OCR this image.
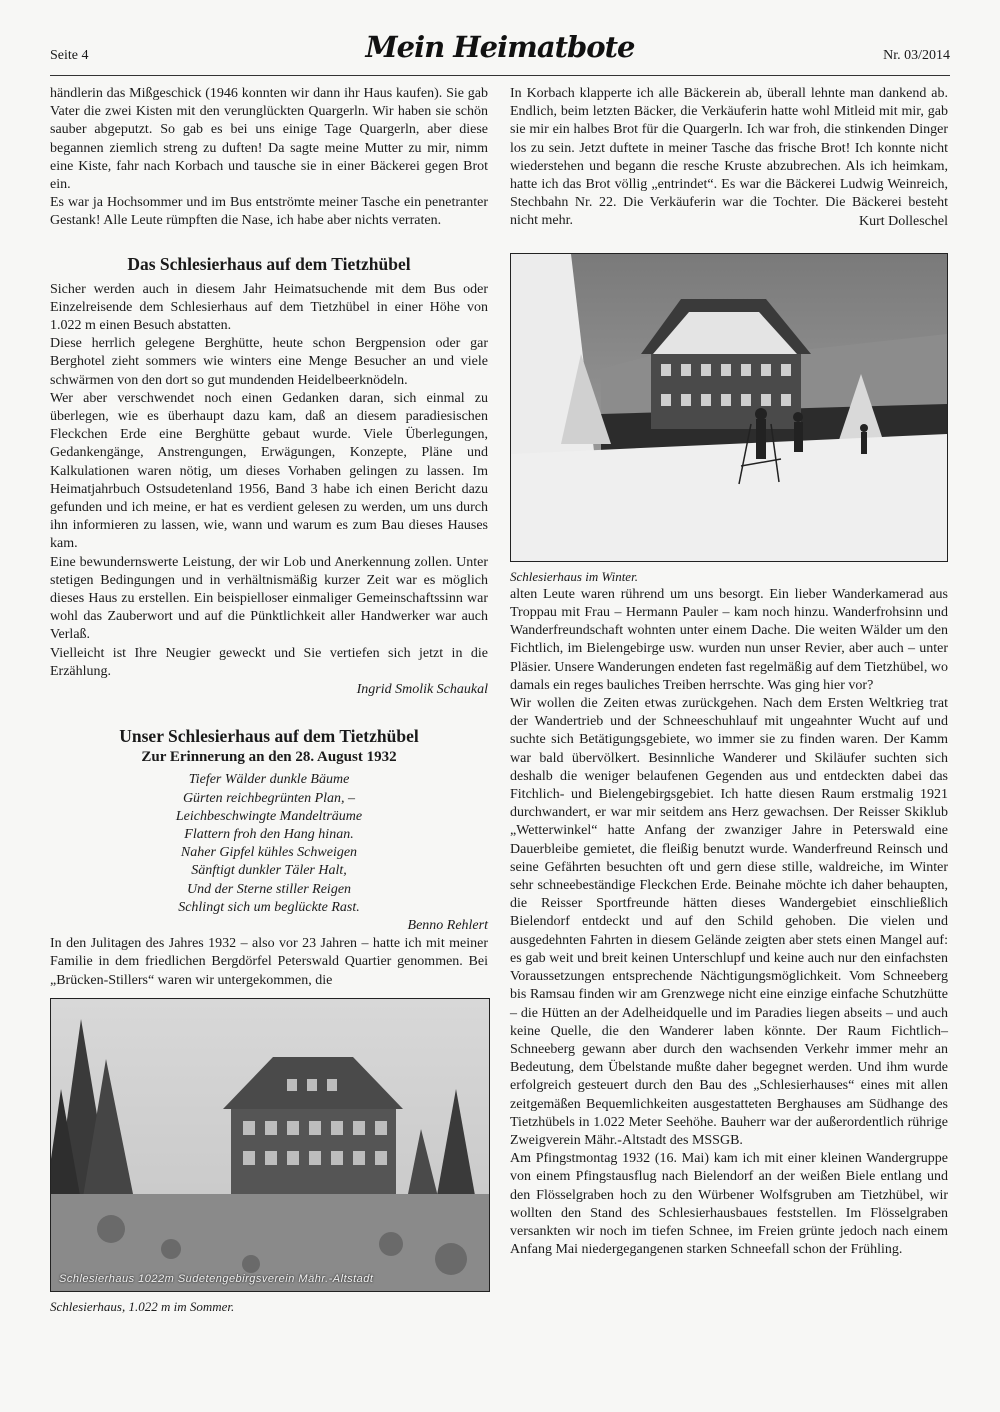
Seite 4	Mein Heimatbote	Nr. 03/2014

händlerin das Mißgeschick (1946 konnten wir dann ihr Haus kaufen). Sie gab Vater die zwei Kisten mit den verunglückten Quargerln. Wir haben sie schön sauber abgeputzt. So gab es bei uns einige Tage Quargerln, aber diese begannen ziemlich streng zu duften! Da sagte meine Mutter zu mir, nimm eine Kiste, fahr nach Korbach und tausche sie in einer Bäckerei gegen Brot ein.

Es war ja Hochsommer und im Bus entströmte meiner Tasche ein penetranter Gestank! Alle Leute rümpften die Nase, ich habe aber nichts verraten.

Das Schlesierhaus auf dem Tietzhübel

Sicher werden auch in diesem Jahr Heimatsuchende mit dem Bus oder Einzelreisende dem Schlesierhaus auf dem Tietzhübel in einer Höhe von 1.022 m einen Besuch abstatten.

Diese herrlich gelegene Berghütte, heute schon Bergpension oder gar Berghotel zieht sommers wie winters eine Menge Besucher an und viele schwärmen von den dort so gut mundenden Heidelbeerknödeln.

Wer aber verschwendet noch einen Gedanken daran, sich einmal zu überlegen, wie es überhaupt dazu kam, daß an diesem paradiesischen Fleckchen Erde eine Berghütte gebaut wurde. Viele Überlegungen, Gedankengänge, Anstrengungen, Erwägungen, Konzepte, Pläne und Kalkulationen waren nötig, um dieses Vorhaben gelingen zu lassen. Im Heimatjahrbuch Ostsudetenland 1956, Band 3 habe ich einen Bericht dazu gefunden und ich meine, er hat es verdient gelesen zu werden, um uns durch ihn informieren zu lassen, wie, wann und warum es zum Bau dieses Hauses kam.

Eine bewundernswerte Leistung, der wir Lob und Anerkennung zollen. Unter stetigen Bedingungen und in verhältnismäßig kurzer Zeit war es möglich dieses Haus zu erstellen. Ein beispielloser einmaliger Gemeinschaftssinn war wohl das Zauberwort und auf die Pünktlichkeit aller Handwerker war auch Verlaß.

Vielleicht ist Ihre Neugier geweckt und Sie vertiefen sich jetzt in die Erzählung.

Ingrid Smolik Schaukal

Unser Schlesierhaus auf dem Tietzhübel
Zur Erinnerung an den 28. August 1932
Tiefer Wälder dunkle Bäume
Gürten reichbegrünten Plan, –
Leichbeschwingte Mandelträume
Flattern froh den Hang hinan.
Naher Gipfel kühles Schweigen
Sänftigt dunkler Täler Halt,
Und der Sterne stiller Reigen
Schlingt sich um beglückte Rast.

Benno Rehlert

In den Julitagen des Jahres 1932 – also vor 23 Jahren – hatte ich mit meiner Familie in dem friedlichen Bergdörfel Peterswald Quartier genommen. Bei „Brücken-Stillers“ waren wir untergekommen, die

Schlesierhaus 1022m Sudetengebirgsverein Mähr.-Altstadt

Schlesierhaus, 1.022 m im Sommer.

In Korbach klapperte ich alle Bäckerein ab, überall lehnte man dankend ab. Endlich, beim letzten Bäcker, die Verkäuferin hatte wohl Mitleid mit mir, gab sie mir ein halbes Brot für die Quargerln. Ich war froh, die stinkenden Dinger los zu sein. Jetzt duftete in meiner Tasche das frische Brot! Ich konnte nicht wiederstehen und begann die resche Kruste abzubrechen. Als ich heimkam, hatte ich das Brot völlig „entrindet“. Es war die Bäckerei Ludwig Weinreich, Stechbahn Nr. 22. Die Verkäuferin war die Tochter. Die Bäckerei besteht nicht mehr.	Kurt Dolleschel

Schlesierhaus im Winter.

alten Leute waren rührend um uns besorgt. Ein lieber Wanderkamerad aus Troppau mit Frau – Hermann Pauler – kam noch hinzu. Wanderfrohsinn und Wanderfreundschaft wohnten unter einem Dache. Die weiten Wälder um den Fichtlich, im Bielengebirge usw. wurden nun unser Revier, aber auch – unter Pläsier. Unsere Wanderungen endeten fast regelmäßig auf dem Tietzhübel, wo damals ein reges bauliches Treiben herrschte. Was ging hier vor?

Wir wollen die Zeiten etwas zurückgehen. Nach dem Ersten Weltkrieg trat der Wandertrieb und der Schneeschuhlauf mit ungeahnter Wucht auf und suchte sich Betätigungsgebiete, wo immer sie zu finden waren. Der Kamm war bald übervölkert. Besinnliche Wanderer und Skiläufer suchten sich deshalb die weniger belaufenen Gegenden aus und entdeckten dabei das Fitchlich- und Bielengebirgsgebiet. Ich hatte diesen Raum erstmalig 1921 durchwandert, er war mir seitdem ans Herz gewachsen. Der Reisser Skiklub „Wetterwinkel“ hatte Anfang der zwanziger Jahre in Peterswald eine Dauerbleibe gemietet, die fleißig benutzt wurde. Wanderfreund Reinsch und seine Gefährten besuchten oft und gern diese stille, waldreiche, im Winter sehr schneebeständige Fleckchen Erde. Beinahe möchte ich daher behaupten, die Reisser Sportfreunde hätten dieses Wandergebiet einschließlich Bielendorf entdeckt und auf den Schild gehoben. Die vielen und ausgedehnten Fahrten in diesem Gelände zeigten aber stets einen Mangel auf: es gab weit und breit keinen Unterschlupf und keine auch nur den einfachsten Voraussetzungen entsprechende Nächtigungsmöglichkeit. Vom Schneeberg bis Ramsau finden wir am Grenzwege nicht eine einzige einfache Schutzhütte – die Hütten an der Adelheidquelle und im Paradies liegen abseits – und auch keine Quelle, die den Wanderer laben könnte. Der Raum Fichtlich–Schneeberg gewann aber durch den wachsenden Verkehr immer mehr an Bedeutung, dem Übelstande mußte daher begegnet werden. Und ihm wurde erfolgreich gesteuert durch den Bau des „Schlesierhauses“ eines mit allen zeitgemäßen Bequemlichkeiten ausgestatteten Berghauses am Südhange des Tietzhübels in 1.022 Meter Seehöhe. Bauherr war der außerordentlich rührige Zweigverein Mähr.-Altstadt des MSSGB.

Am Pfingstmontag 1932 (16. Mai) kam ich mit einer kleinen Wandergruppe von einem Pfingstausflug nach Bielendorf an der weißen Biele entlang und den Flösselgraben hoch zu den Würbener Wolfsgruben am Tietzhübel, wir wollten den Stand des Schlesierhausbaues feststellen. Im Flösselgraben versankten wir noch im tiefen Schnee, im Freien grünte jedoch nach einem Anfang Mai niedergegangenen starken Schneefall schon der Frühling.
